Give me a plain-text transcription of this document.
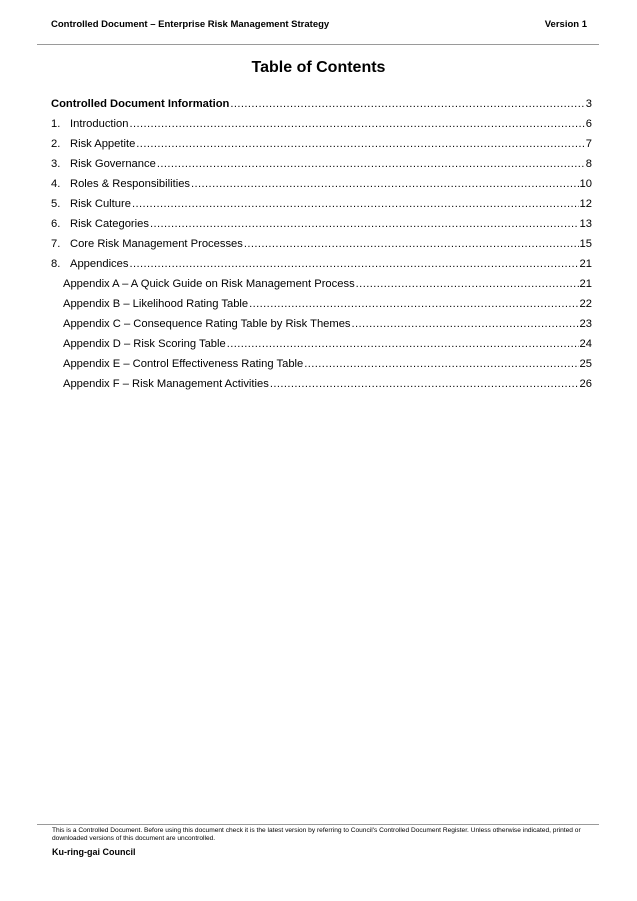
Controlled Document – Enterprise Risk Management Strategy	Version 1
Table of Contents
Controlled Document Information .....	3
1. Introduction .....	6
2. Risk Appetite .....	7
3. Risk Governance .....	8
4. Roles & Responsibilities .....	10
5. Risk Culture .....	12
6. Risk Categories .....	13
7. Core Risk Management Processes .....	15
8. Appendices .....	21
Appendix A – A Quick Guide on Risk Management Process .....	21
Appendix B – Likelihood Rating Table .....	22
Appendix C – Consequence Rating Table by Risk Themes .....	23
Appendix D – Risk Scoring Table .....	24
Appendix E – Control Effectiveness Rating Table .....	25
Appendix F – Risk Management Activities .....	26
This is a Controlled Document. Before using this document check it is the latest version by referring to Council's Controlled Document Register. Unless otherwise indicated, printed or downloaded versions of this document are uncontrolled.
Ku-ring-gai Council
